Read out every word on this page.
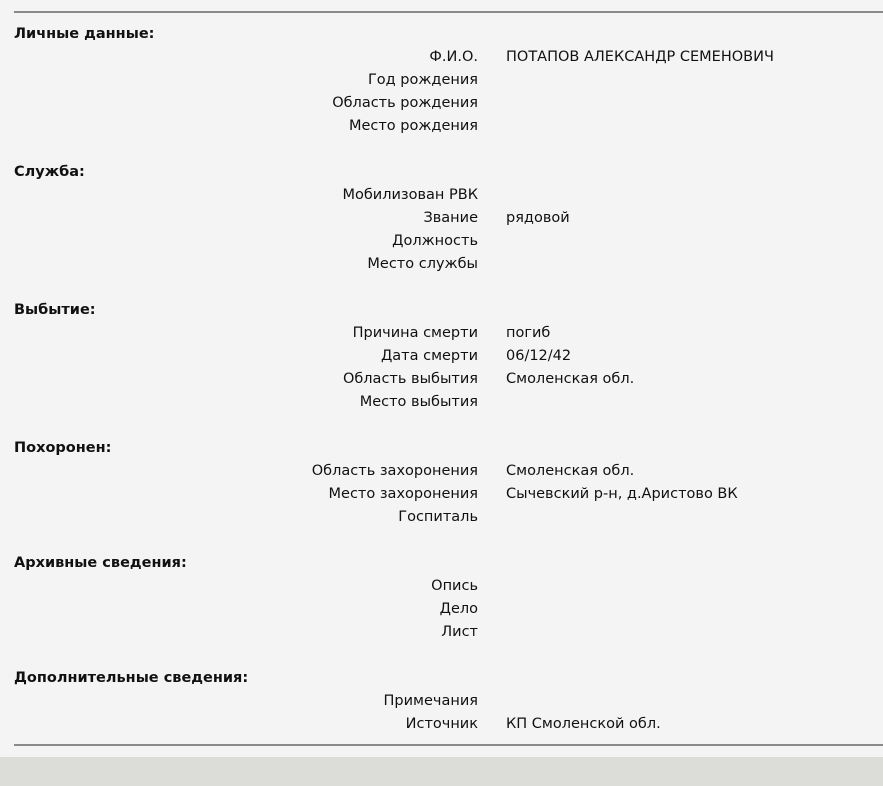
Личные данные:
Ф.И.О. ПОТАПОВ АЛЕКСАНДР СЕМЕНОВИЧ
Год рождения
Область рождения
Место рождения
Служба:
Мобилизован РВК
Звание рядовой
Должность
Место службы
Выбытие:
Причина смерти погиб
Дата смерти 06/12/42
Область выбытия Смоленская обл.
Место выбытия
Похоронен:
Область захоронения Смоленская обл.
Место захоронения Сычевский р-н, д.Аристово ВК
Госпиталь
Архивные сведения:
Опись
Дело
Лист
Дополнительные сведения:
Примечания
Источник КП Смоленской обл.
